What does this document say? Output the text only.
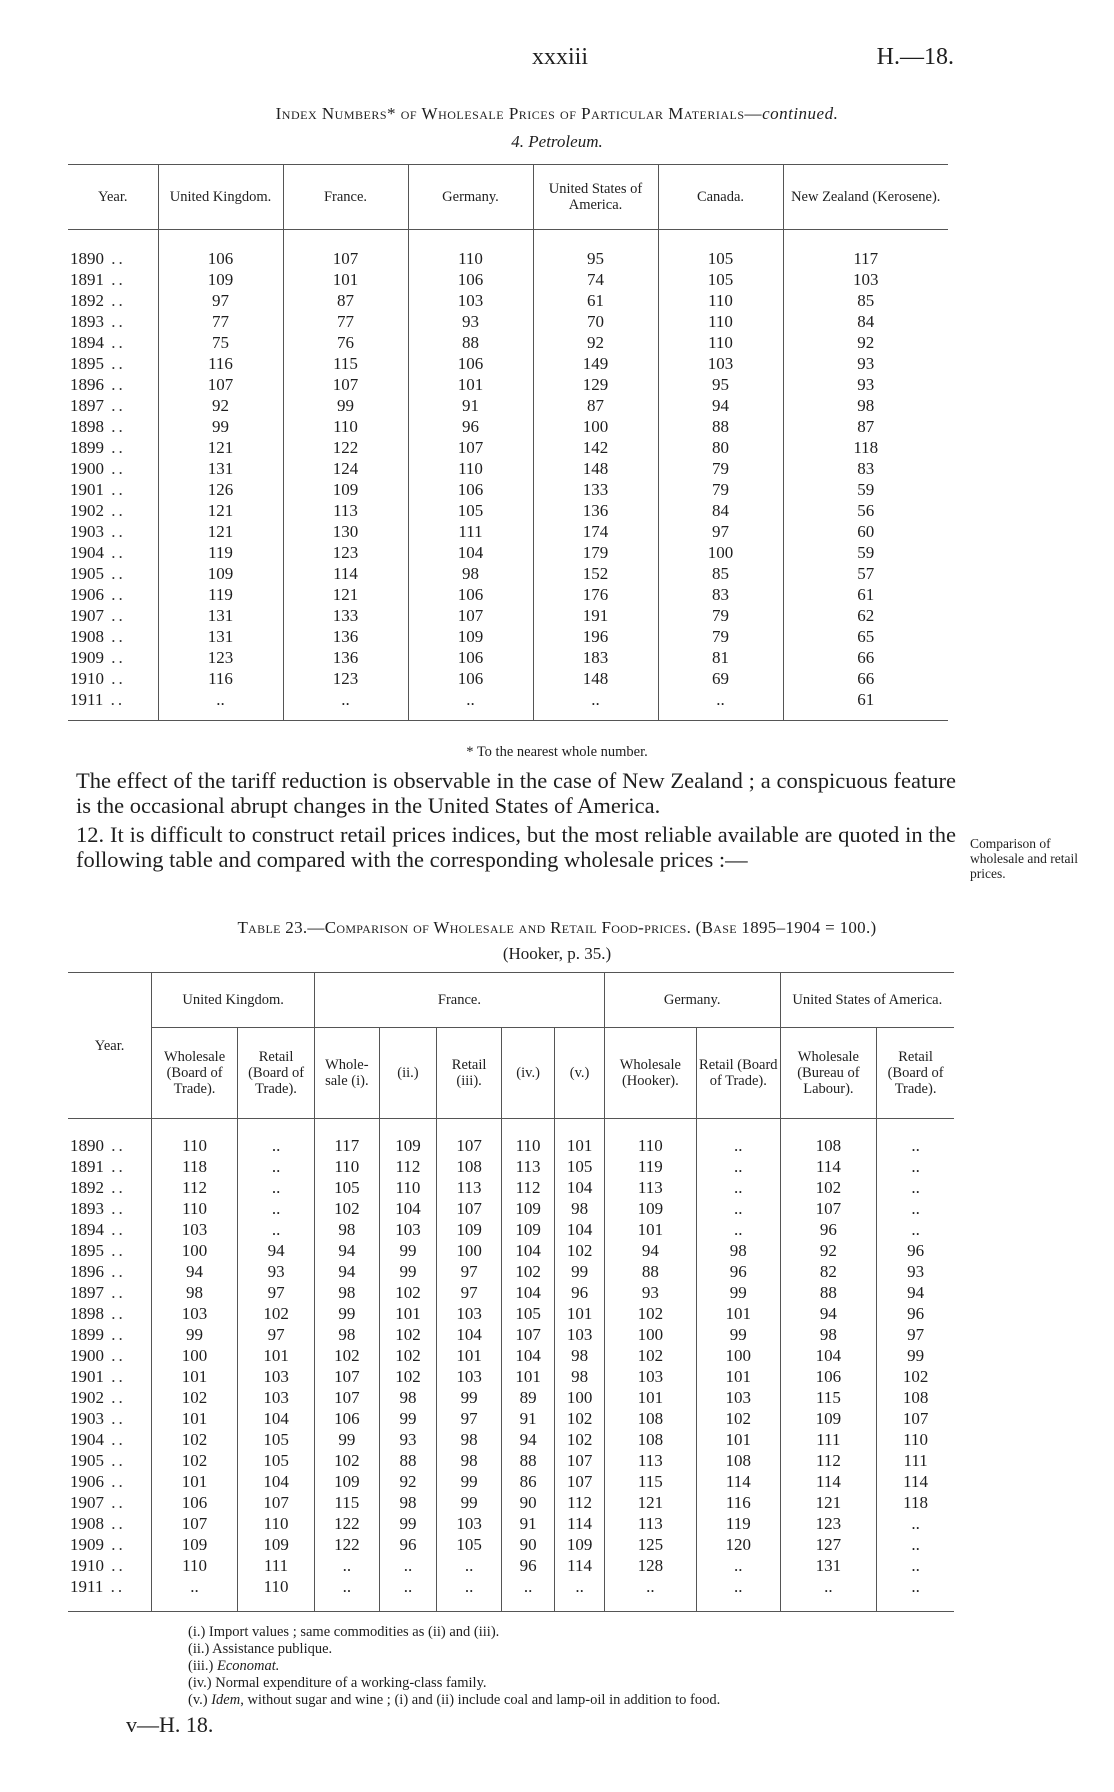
xxxiii	H.—18.
Index Numbers* of Wholesale Prices of Particular Materials—continued.
4. Petroleum.
Year.	United Kingdom.	France.	Germany.	United States of America.	Canada.	New Zealand (Kerosene).
1890 ..	106	107	110	95	105	117
1891 ..	109	101	106	74	105	103
1892 ..	97	87	103	61	110	85
1893 ..	77	77	93	70	110	84
1894 ..	75	76	88	92	110	92
1895 ..	116	115	106	149	103	93
1896 ..	107	107	101	129	95	93
1897 ..	92	99	91	87	94	98
1898 ..	99	110	96	100	88	87
1899 ..	121	122	107	142	80	118
1900 ..	131	124	110	148	79	83
1901 ..	126	109	106	133	79	59
1902 ..	121	113	105	136	84	56
1903 ..	121	130	111	174	97	60
1904 ..	119	123	104	179	100	59
1905 ..	109	114	98	152	85	57
1906 ..	119	121	106	176	83	61
1907 ..	131	133	107	191	79	62
1908 ..	131	136	109	196	79	65
1909 ..	123	136	106	183	81	66
1910 ..	116	123	106	148	69	66
1911 ..	..	..	..	..	..	61
* To the nearest whole number.
The effect of the tariff reduction is observable in the case of New Zealand ; a conspicuous feature is the occasional abrupt changes in the United States of America.
12. It is difficult to construct retail prices indices, but the most reliable available are quoted in the following table and compared with the corresponding wholesale prices :—
Comparison of wholesale and retail prices.
Table 23.—Comparison of Wholesale and Retail Food-prices. (Base 1895–1904 = 100.)
(Hooker, p. 35.)
Year.	United Kingdom.		France.					Germany.		United States of America.	
	Wholesale (Board of Trade).	Retail (Board of Trade).	Whole-sale (i).	(ii.)	Retail (iii).	(iv.)	(v.)	Wholesale (Hooker).	Retail (Board of Trade).	Wholesale (Bureau of Labour).	Retail (Board of Trade).
1890 ..	110	..	117	109	107	110	101	110	..	108	..
1891 ..	118	..	110	112	108	113	105	119	..	114	..
1892 ..	112	..	105	110	113	112	104	113	..	102	..
1893 ..	110	..	102	104	107	109	98	109	..	107	..
1894 ..	103	..	98	103	109	109	104	101	..	96	..
1895 ..	100	94	94	99	100	104	102	94	98	92	96
1896 ..	94	93	94	99	97	102	99	88	96	82	93
1897 ..	98	97	98	102	97	104	96	93	99	88	94
1898 ..	103	102	99	101	103	105	101	102	101	94	96
1899 ..	99	97	98	102	104	107	103	100	99	98	97
1900 ..	100	101	102	102	101	104	98	102	100	104	99
1901 ..	101	103	107	102	103	101	98	103	101	106	102
1902 ..	102	103	107	98	99	89	100	101	103	115	108
1903 ..	101	104	106	99	97	91	102	108	102	109	107
1904 ..	102	105	99	93	98	94	102	108	101	111	110
1905 ..	102	105	102	88	98	88	107	113	108	112	111
1906 ..	101	104	109	92	99	86	107	115	114	114	114
1907 ..	106	107	115	98	99	90	112	121	116	121	118
1908 ..	107	110	122	99	103	91	114	113	119	123	..
1909 ..	109	109	122	96	105	90	109	125	120	127	..
1910 ..	110	111	..	..	..	96	114	128	..	131	..
1911 ..	..	110	..	..	..	..	..	..	..	..	..
(i.) Import values ; same commodities as (ii) and (iii).
(ii.) Assistance publique.
(iii.) Economat.
(iv.) Normal expenditure of a working-class family.
(v.) Idem, without sugar and wine ; (i) and (ii) include coal and lamp-oil in addition to food.
v—H. 18.
